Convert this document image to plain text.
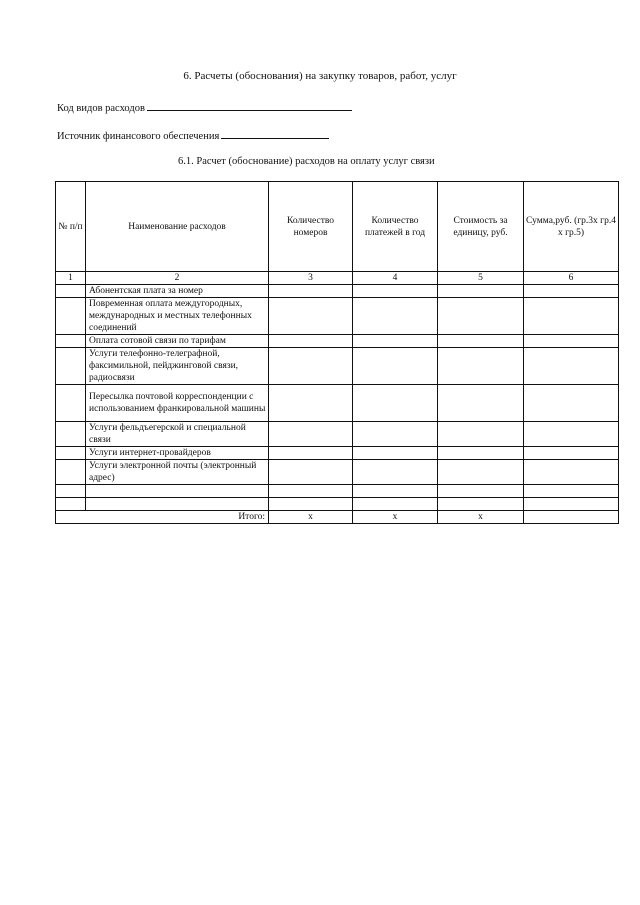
6. Расчеты (обоснования) на закупку товаров, работ, услуг
Код видов расходов
Источник финансового обеспечения
6.1. Расчет (обоснование) расходов на оплату услуг связи
№ п/п	Наименование расходов	Количество номеров	Количество платежей в год	Стоимость за единицу, руб.	Сумма,руб. (гр.3х гр.4 х гр.5)
1	2	3	4	5	6
	Абонентская плата за номер				
	Повременная оплата междугородных, международных и местных телефонных соединений				
	Оплата сотовой связи по тарифам				
	Услуги телефонно-телеграфной, факсимильной, пейджинговой связи, радиосвязи				
	Пересылка почтовой корреспонденции с использованием франкировальной машины				
	Услуги фельдъегерской и специальной связи				
	Услуги интернет-провайдеров				
	Услуги электронной почты (электронный адрес)				

Итого:		x	x	x	
